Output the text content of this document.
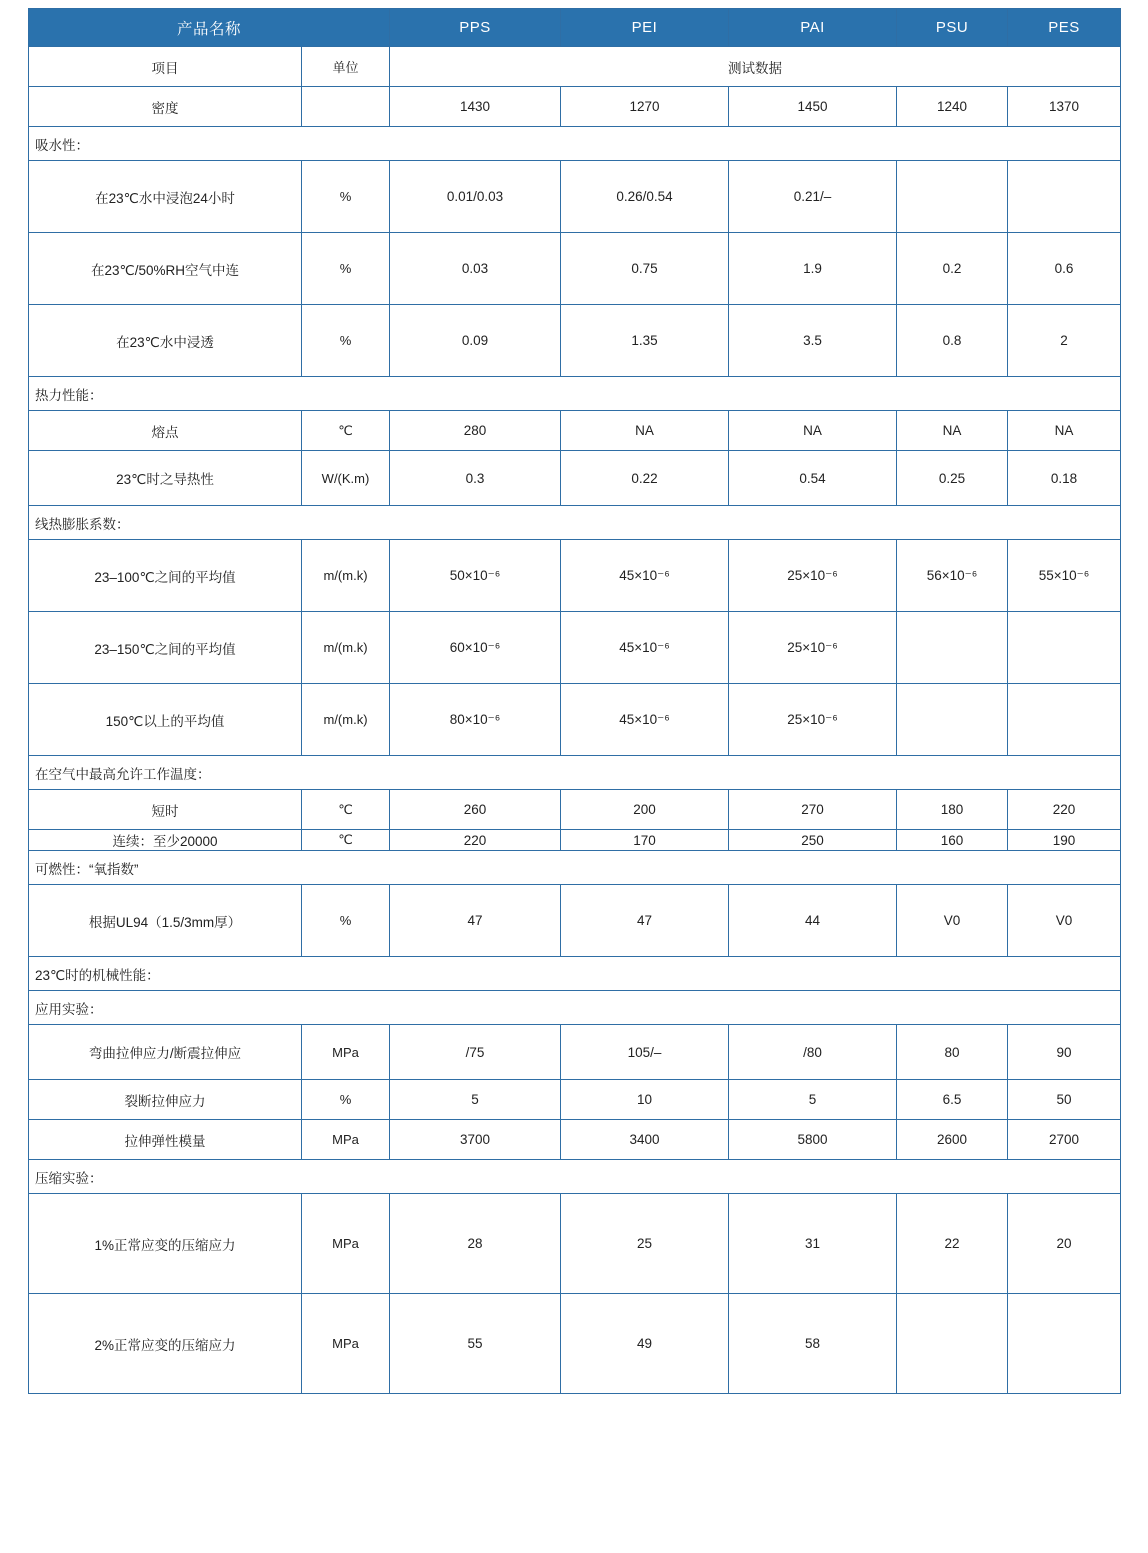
产品名称		PPS	PEI	PAI	PSU	PES
项目	单位	测试数据				
密度		1430	1270	1450	1240	1370
吸水性：						
在23℃水中浸泡24小时	%	0.01/0.03	0.26/0.54	0.21/–		
在23℃/50%RH空气中连	%	0.03	0.75	1.9	0.2	0.6
在23℃水中浸透	%	0.09	1.35	3.5	0.8	2
热力性能：						
熔点	℃	280	NA	NA	NA	NA
23℃时之导热性	W/(K.m)	0.3	0.22	0.54	0.25	0.18
线热膨胀系数：						
23–100℃之间的平均值	m/(m.k)	50×10⁻⁶	45×10⁻⁶	25×10⁻⁶	56×10⁻⁶	55×10⁻⁶
23–150℃之间的平均值	m/(m.k)	60×10⁻⁶	45×10⁻⁶	25×10⁻⁶		
150℃以上的平均值	m/(m.k)	80×10⁻⁶	45×10⁻⁶	25×10⁻⁶		
在空气中最高允许工作温度：						
短时	℃	260	200	270	180	220
连续：至少20000	℃	220	170	250	160	190
可燃性：“氧指数”						
根据UL94（1.5/3mm厚）	%	47	47	44	V0	V0
23℃时的机械性能：						
应用实验：						
弯曲拉伸应力/断震拉伸应	MPa	/75	105/–	/80	80	90
裂断拉伸应力	%	5	10	5	6.5	50
拉伸弹性模量	MPa	3700	3400	5800	2600	2700
压缩实验：						
1%正常应变的压缩应力	MPa	28	25	31	22	20
2%正常应变的压缩应力	MPa	55	49	58		
